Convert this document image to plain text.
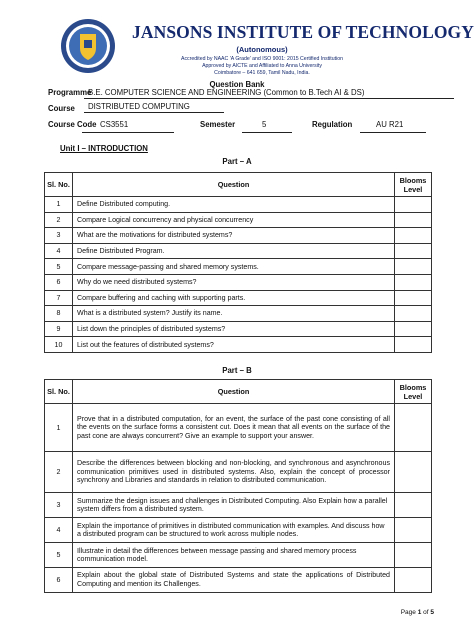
JANSONS INSTITUTE OF TECHNOLOGY
(Autonomous)
Accredited by NAAC 'A Grade' and ISO 9001: 2015 Certified Institution
Approved by AICTE and Affiliated to Anna University
Coimbatore – 641 659, Tamil Nadu, India.
Question Bank
Programme
B.E. COMPUTER SCIENCE AND ENGINEERING (Common to B.Tech AI & DS)
Course DISTRIBUTED COMPUTING
Course Code CS3551	Semester	5	Regulation	AU R21
Unit I – INTRODUCTION
Part – A
Sl. No.	Question	Blooms Level
1	Define Distributed computing.	
2	Compare Logical concurrency and physical concurrency	
3	What are the motivations for distributed systems?	
4	Define Distributed Program.	
5	Compare message-passing and shared memory systems.	
6	Why do we need distributed systems?	
7	Compare buffering and caching with supporting parts.	
8	What is a distributed system? Justify its name.	
9	List down the principles of distributed systems?	
10	List out the features of distributed systems?	
Part – B
Sl. No.	Question	Blooms Level
1	Prove that in a distributed computation, for an event, the surface of the past cone consisting of all the events on the surface forms a consistent cut. Does it mean that all events on the surface of the past cone are always concurrent? Give an example to support your answer.	
2	Describe the differences between blocking and non-blocking, and synchronous and asynchronous communication primitives used in distributed systems. Also, explain the concept of processor synchrony and Libraries and standards in relation to distributed communication.	
3	Summarize the design issues and challenges in Distributed Computing. Also Explain how a parallel system differs from a distributed system.	
4	Explain the importance of primitives in distributed communication with examples. And discuss how a distributed program can be structured to work across multiple nodes.	
5	Illustrate in detail the differences between message passing and shared memory process communication model.	
6	Explain about the global state of Distributed Systems and state the applications of Distributed Computing and mention its Challenges.	
Page 1 of 5
